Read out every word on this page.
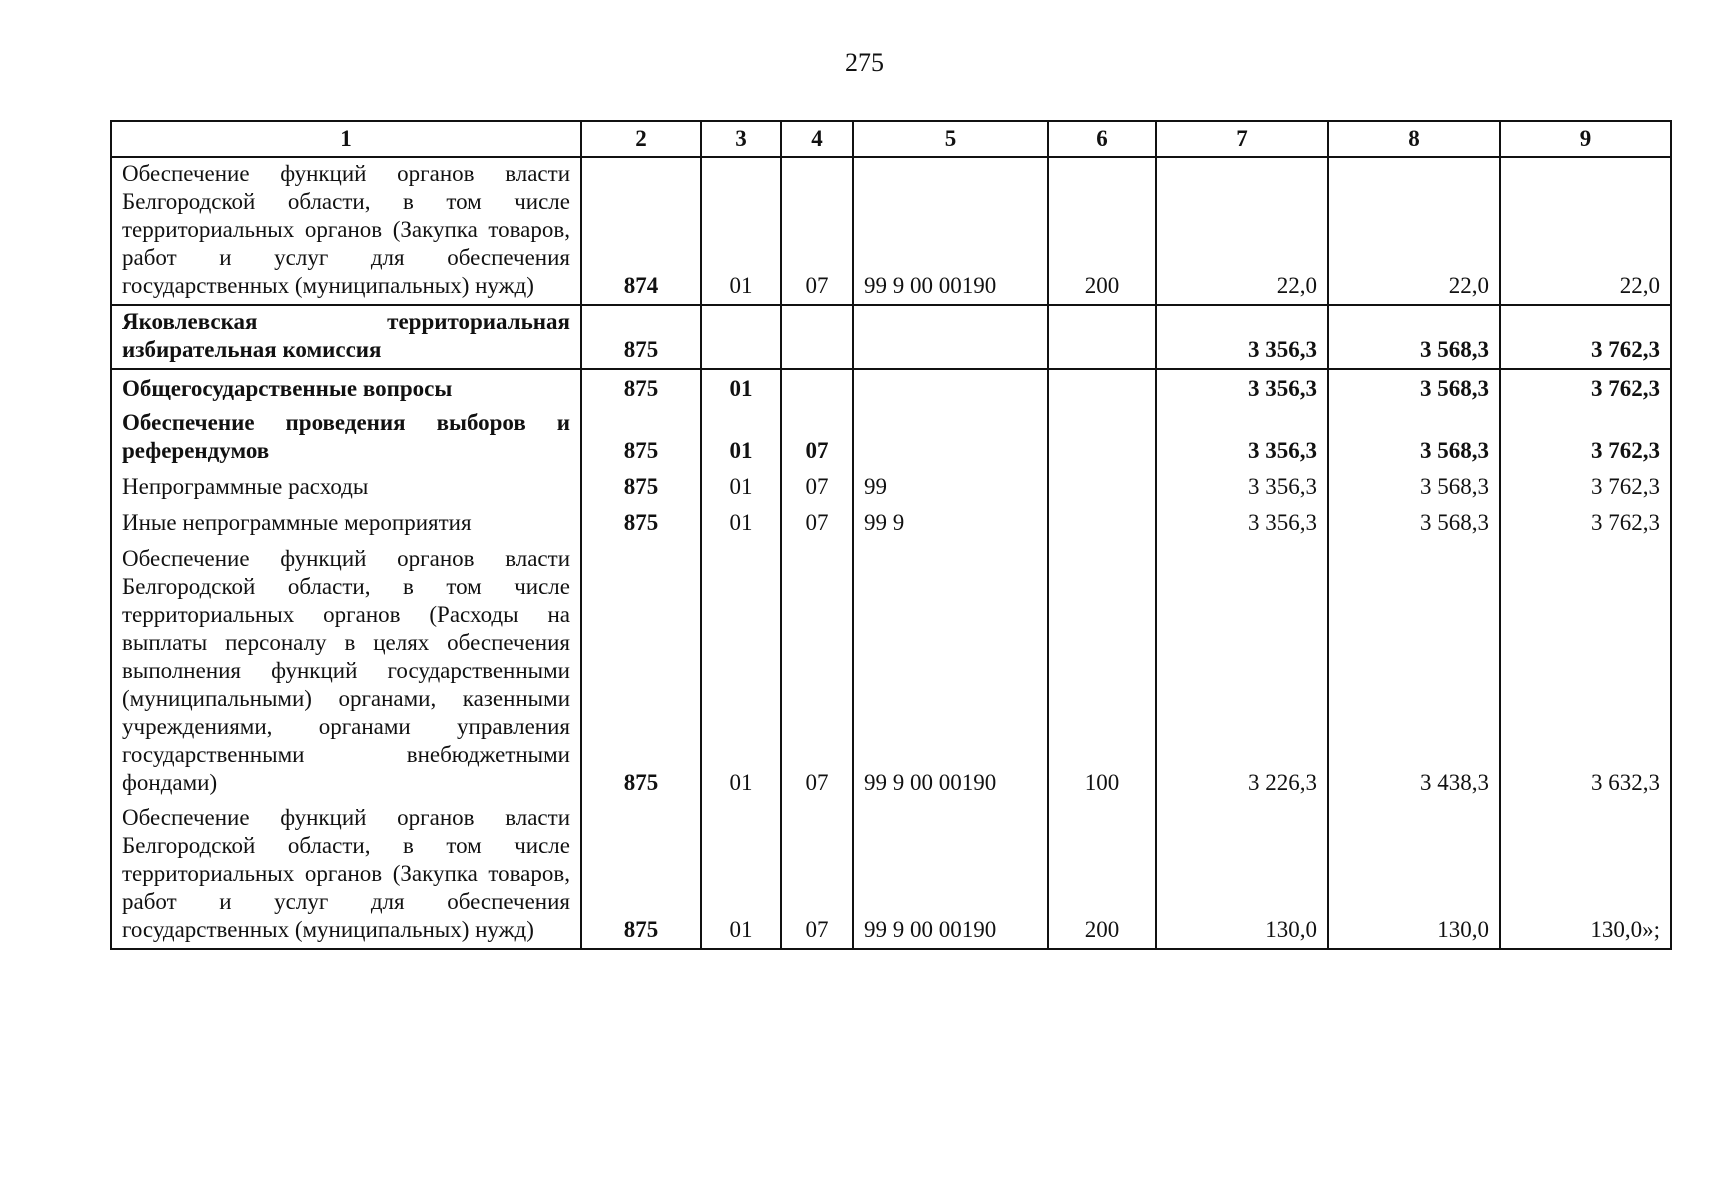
275
1	2	3	4	5	6	7	8	9
Обеспечение функций органов власти Белгородской области, в том числе территориальных органов (Закупка товаров, работ и услуг для обеспечения государственных (муниципальных) нужд)	874	01	07	99 9 00 00190	200	22,0	22,0	22,0
Яковлевская территориальная избирательная комиссия	875					3 356,3	3 568,3	3 762,3
Общегосударственные вопросы	875	01				3 356,3	3 568,3	3 762,3
Обеспечение проведения выборов и референдумов	875	01	07			3 356,3	3 568,3	3 762,3
Непрограммные расходы	875	01	07	99		3 356,3	3 568,3	3 762,3
Иные непрограммные мероприятия	875	01	07	99 9		3 356,3	3 568,3	3 762,3
Обеспечение функций органов власти Белгородской области, в том числе территориальных органов (Расходы на выплаты персоналу в целях обеспечения выполнения функций государственными (муниципальными) органами, казенными учреждениями, органами управления государственными внебюджетными фондами)	875	01	07	99 9 00 00190	100	3 226,3	3 438,3	3 632,3
Обеспечение функций органов власти Белгородской области, в том числе территориальных органов (Закупка товаров, работ и услуг для обеспечения государственных (муниципальных) нужд)	875	01	07	99 9 00 00190	200	130,0	130,0	130,0»;
